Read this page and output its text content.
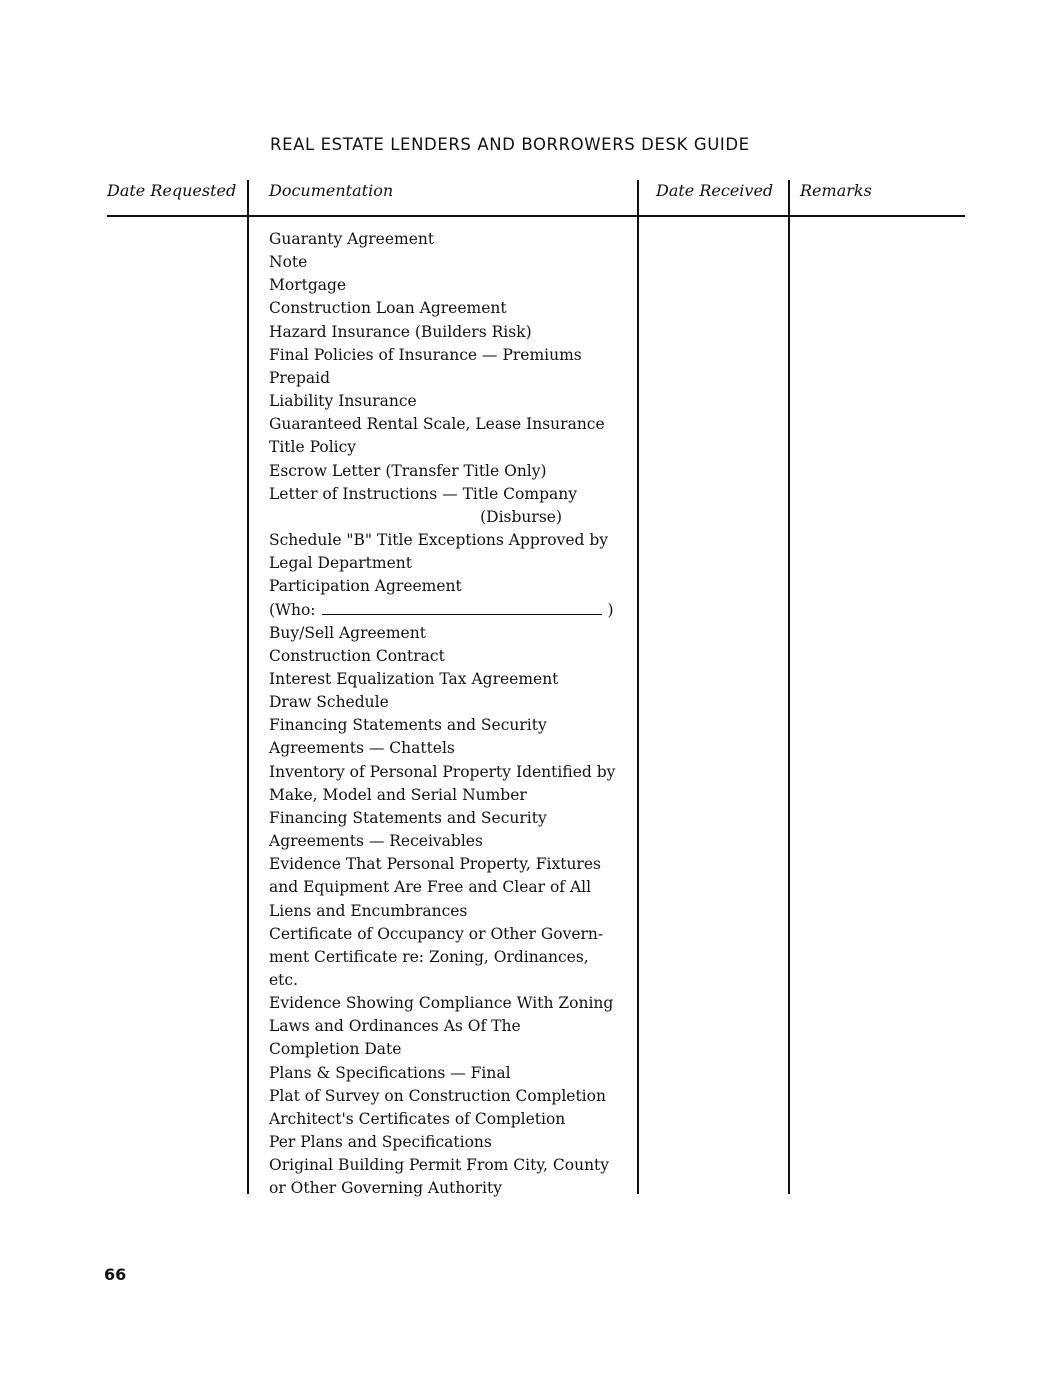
REAL ESTATE LENDERS AND BORROWERS DESK GUIDE
Date Requested Documentation	Date Received Remarks
Guaranty Agreement
Note
Mortgage
Construction Loan Agreement
Hazard Insurance (Builders Risk)
Final Policies of Insurance — Premiums
Prepaid
Liability Insurance
Guaranteed Rental Scale, Lease Insurance
Title Policy
Escrow Letter (Transfer Title Only)
Letter of Instructions — Title Company
(Disburse)
Schedule "B" Title Exceptions Approved by
Legal Department
Participation Agreement
(Who:	)
Buy/Sell Agreement
Construction Contract
Interest Equalization Tax Agreement
Draw Schedule
Financing Statements and Security
Agreements — Chattels
Inventory of Personal Property Identified by
Make, Model and Serial Number
Financing Statements and Security
Agreements — Receivables
Evidence That Personal Property, Fixtures
and Equipment Are Free and Clear of All
Liens and Encumbrances
Certificate of Occupancy or Other Govern-
ment Certificate re: Zoning, Ordinances,
etc.
Evidence Showing Compliance With Zoning
Laws and Ordinances As Of The
Completion Date
Plans & Specifications — Final
Plat of Survey on Construction Completion
Architect's Certificates of Completion
Per Plans and Specifications
Original Building Permit From City, County
or Other Governing Authority
66
